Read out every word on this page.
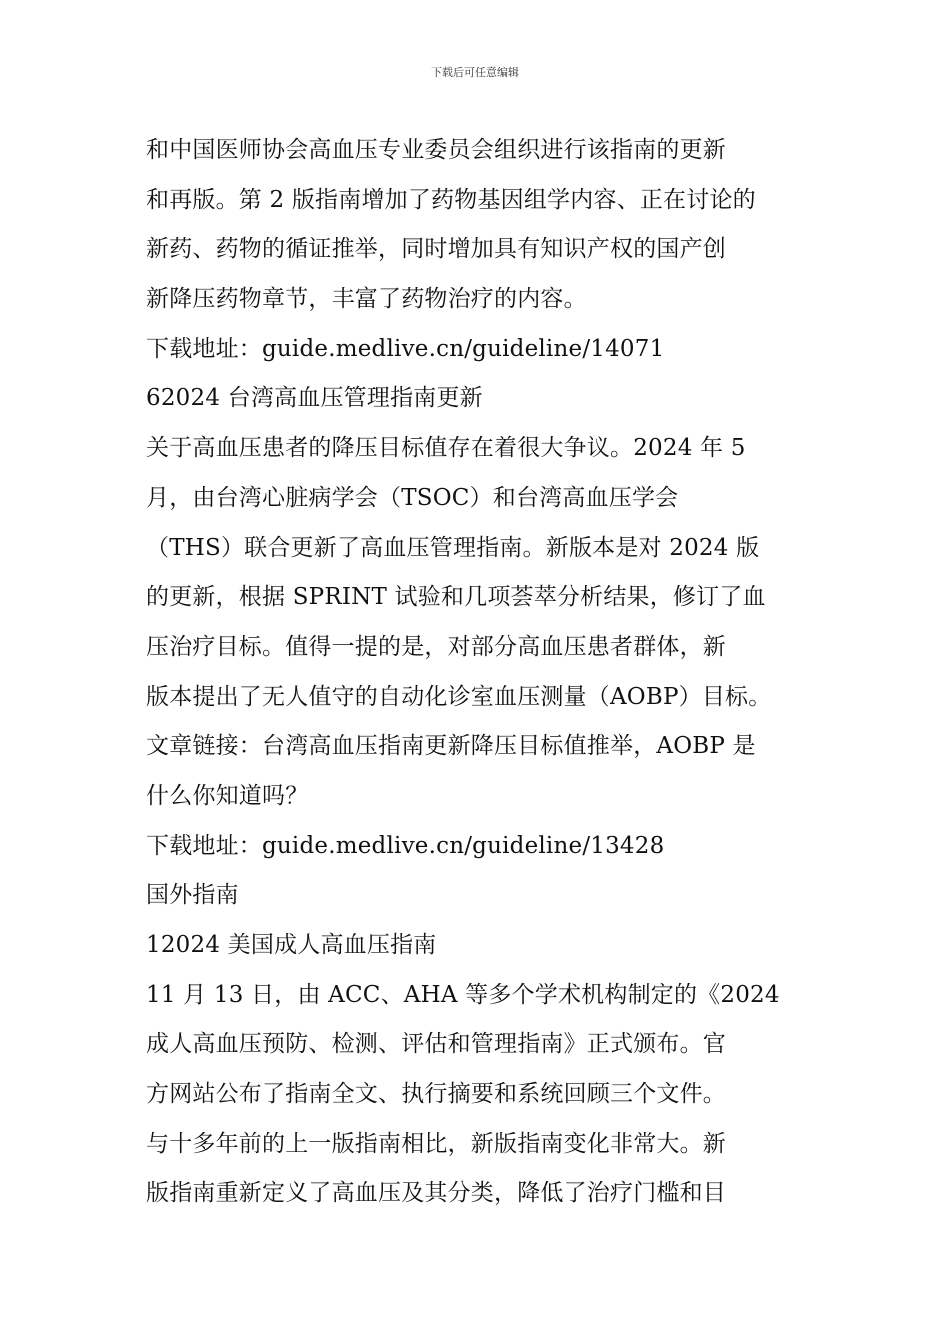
下载后可任意编辑
和中国医师协会高血压专业委员会组织进行该指南的更新
和再版。第 2 版指南增加了药物基因组学内容、正在讨论的
新药、药物的循证推举，同时增加具有知识产权的国产创
新降压药物章节，丰富了药物治疗的内容。
下载地址：guide.medlive.cn/guideline/14071
62024 台湾高血压管理指南更新
关于高血压患者的降压目标值存在着很大争议。2024 年 5
月，由台湾心脏病学会（TSOC）和台湾高血压学会
（THS）联合更新了高血压管理指南。新版本是对 2024 版
的更新，根据 SPRINT 试验和几项荟萃分析结果，修订了血
压治疗目标。值得一提的是，对部分高血压患者群体，新
版本提出了无人值守的自动化诊室血压测量（AOBP）目标。
文章链接：台湾高血压指南更新降压目标值推举，AOBP 是
什么你知道吗？
下载地址：guide.medlive.cn/guideline/13428
国外指南
12024 美国成人高血压指南
11 月 13 日，由 ACC、AHA 等多个学术机构制定的《2024
成人高血压预防、检测、评估和管理指南》正式颁布。官
方网站公布了指南全文、执行摘要和系统回顾三个文件。
与十多年前的上一版指南相比，新版指南变化非常大。新
版指南重新定义了高血压及其分类，降低了治疗门槛和目
